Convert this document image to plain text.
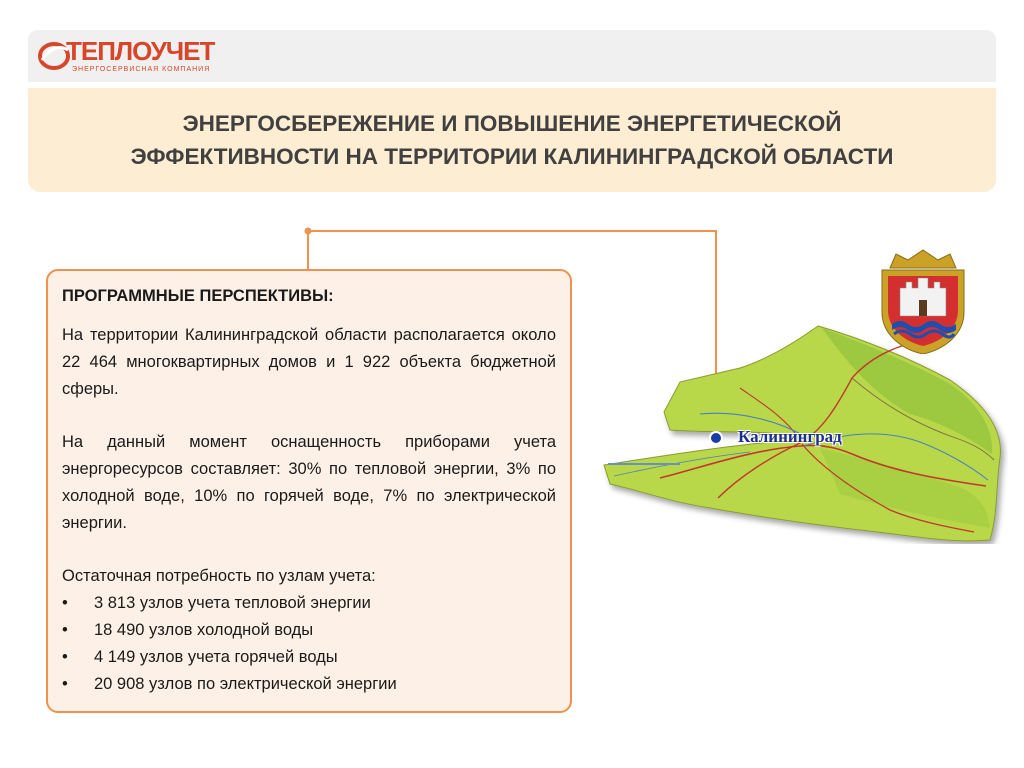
ТЕПЛОУЧЕТ
ЭНЕРГОСЕРВИСНАЯ КОМПАНИЯ
ЭНЕРГОСБЕРЕЖЕНИЕ И ПОВЫШЕНИЕ ЭНЕРГЕТИЧЕСКОЙ
ЭФФЕКТИВНОСТИ НА ТЕРРИТОРИИ КАЛИНИНГРАДСКОЙ ОБЛАСТИ
ПРОГРАММНЫЕ ПЕРСПЕКТИВЫ:

На территории Калининградской области располагается около 22 464 многоквартирных домов и 1 922 объекта бюджетной сферы.

На данный момент оснащенность приборами учета энергоресурсов составляет: 30% по тепловой энергии, 3% по холодной воде, 10% по горячей воде, 7% по электрической энергии.

Остаточная потребность по узлам учета:
• 3 813 узлов учета тепловой энергии
• 18 490 узлов холодной воды
• 4 149 узлов учета горячей воды
• 20 908 узлов по электрической энергии
Калининград
